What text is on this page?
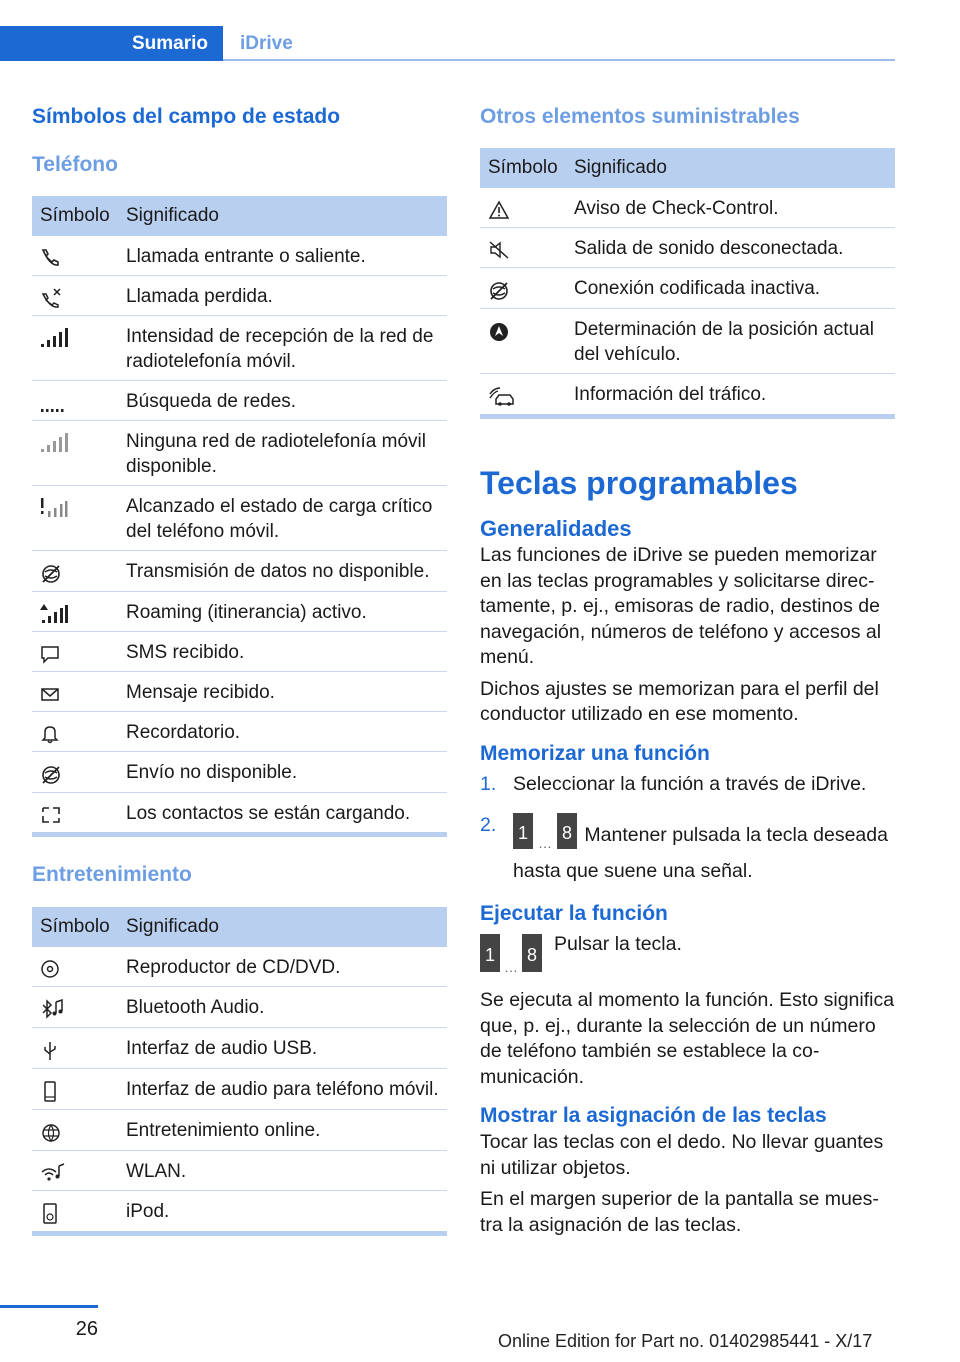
Sumario iDrive
Símbolos del campo de estado
Teléfono
Símbolo	Significado

	Llamada entrante o saliente.

	Llamada perdida.

	Intensidad de recepción de la red de radiotelefonía móvil.

	Búsqueda de redes.

	Ninguna red de radiotelefonía móvil disponible.

	Alcanzado el estado de carga crítico del teléfono móvil.

	Transmisión de datos no disponible.

	Roaming (itinerancia) activo.

	SMS recibido.

	Mensaje recibido.

	Recordatorio.

	Envío no disponible.

	Los contactos se están cargando.
Entretenimiento
Símbolo	Significado

	Reproductor de CD/DVD.

	Bluetooth Audio.

	Interfaz de audio USB.

	Interfaz de audio para teléfono móvil.

	Entretenimiento online.

	WLAN.

	iPod.
Otros elementos suministrables
Símbolo	Significado

	Aviso de Check-Control.

	Salida de sonido desconectada.

	Conexión codificada inactiva.

	Determinación de la posición actual del vehículo.

	Información del tráfico.
Teclas programables
Generalidades

Las funciones de iDrive se pueden memorizar en las teclas programables y solicitarse directamente, p. ej., emisoras de radio, destinos de navegación, números de teléfono y accesos al menú.

Dichos ajustes se memorizan para el perfil del conductor utilizado en ese momento.

Memorizar una función
1. Seleccionar la función a través de iDrive.
2. 1 … 8 Mantener pulsada la tecla deseada hasta que suene una señal.
Ejecutar la función
1
…
8 Pulsar la tecla.

Se ejecuta al momento la función. Esto significa que, p. ej., durante la selección de un número de teléfono también se establece la comunicación.

Mostrar la asignación de las teclas

Tocar las teclas con el dedo. No llevar guantes ni utilizar objetos.

En el margen superior de la pantalla se muestra la asignación de las teclas.

26
Online Edition for Part no. 01402985441 - X/17
